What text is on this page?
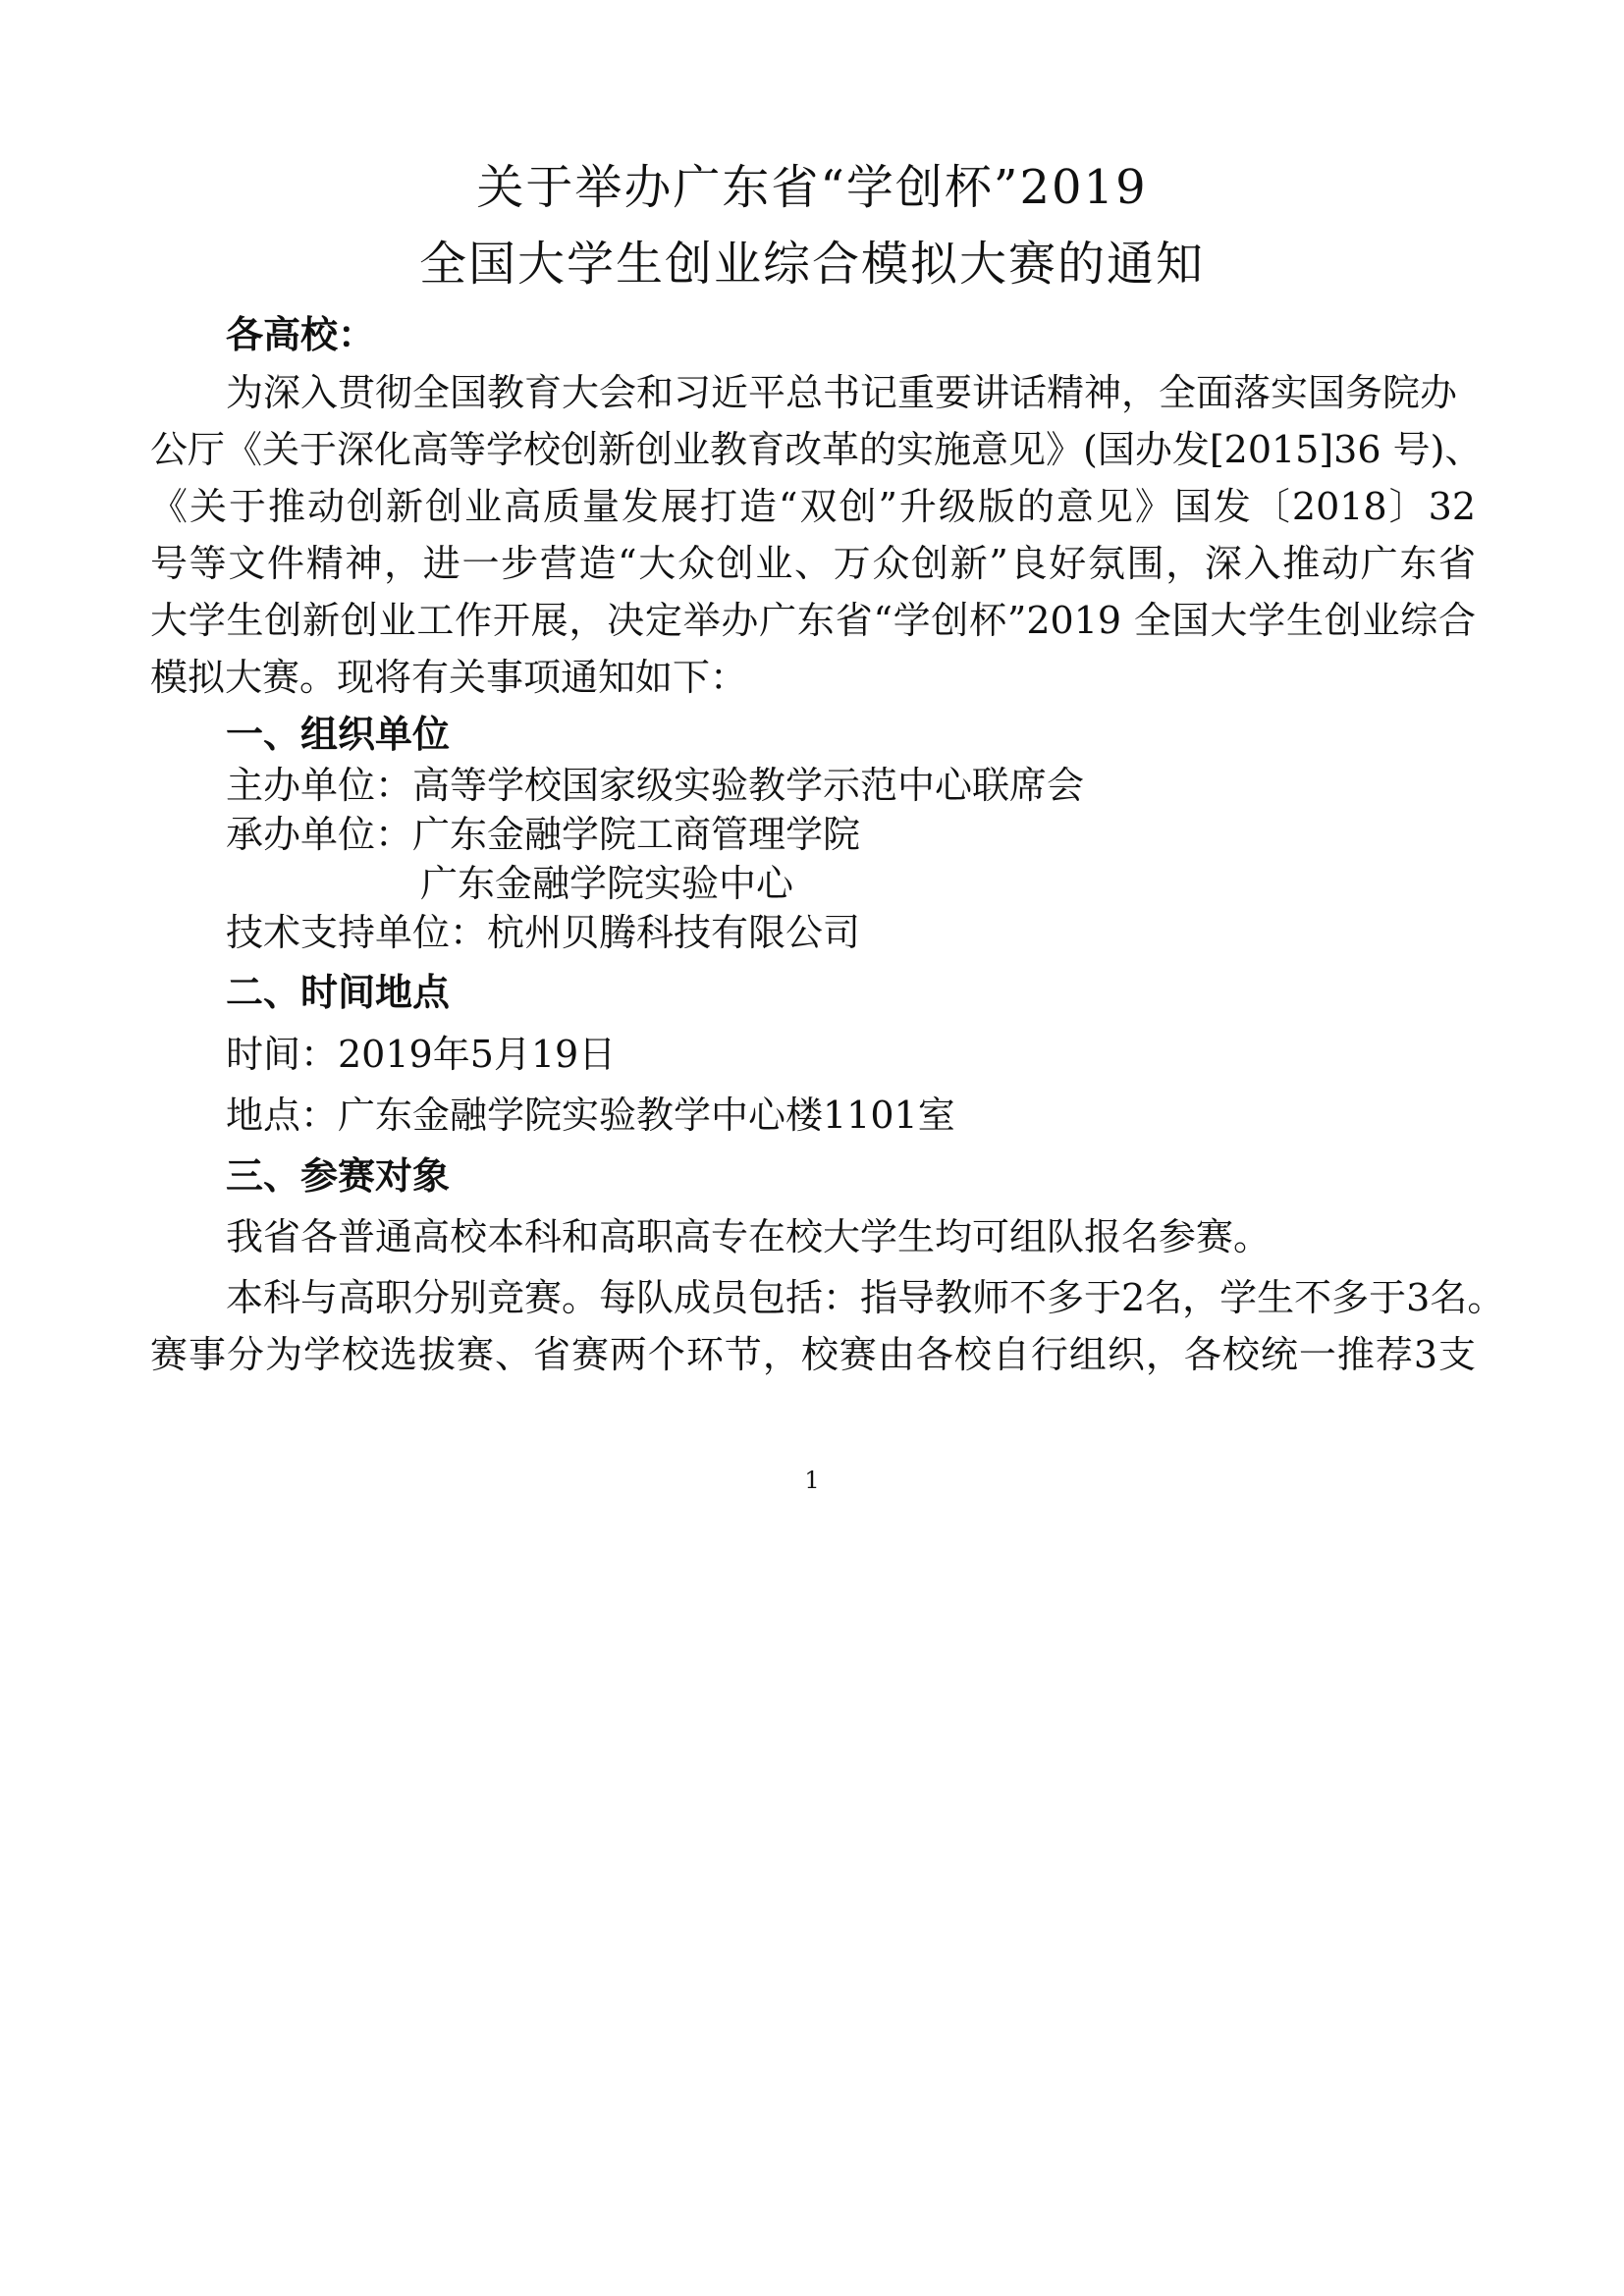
关于举办广东省“学创杯”2019
全国大学生创业综合模拟大赛的通知
各高校：
为深入贯彻全国教育大会和习近平总书记重要讲话精神，全面落实国务院办
公厅《关于深化高等学校创新创业教育改革的实施意见》(国办发[2015]36 号)、
《关于推动创新创业高质量发展打造“双创”升级版的意见》国发〔2018〕32
号等文件精神，进一步营造“大众创业、万众创新”良好氛围，深入推动广东省
大学生创新创业工作开展，决定举办广东省“学创杯”2019 全国大学生创业综合
模拟大赛。现将有关事项通知如下：
一、组织单位
主办单位：高等学校国家级实验教学示范中心联席会
承办单位：广东金融学院工商管理学院
广东金融学院实验中心
技术支持单位：杭州贝腾科技有限公司
二、时间地点
时间：2019年5月19日
地点：广东金融学院实验教学中心楼1101室
三、参赛对象
我省各普通高校本科和高职高专在校大学生均可组队报名参赛。
本科与高职分别竞赛。每队成员包括：指导教师不多于2名，学生不多于3名。
赛事分为学校选拔赛、省赛两个环节，校赛由各校自行组织，各校统一推荐3支
1
